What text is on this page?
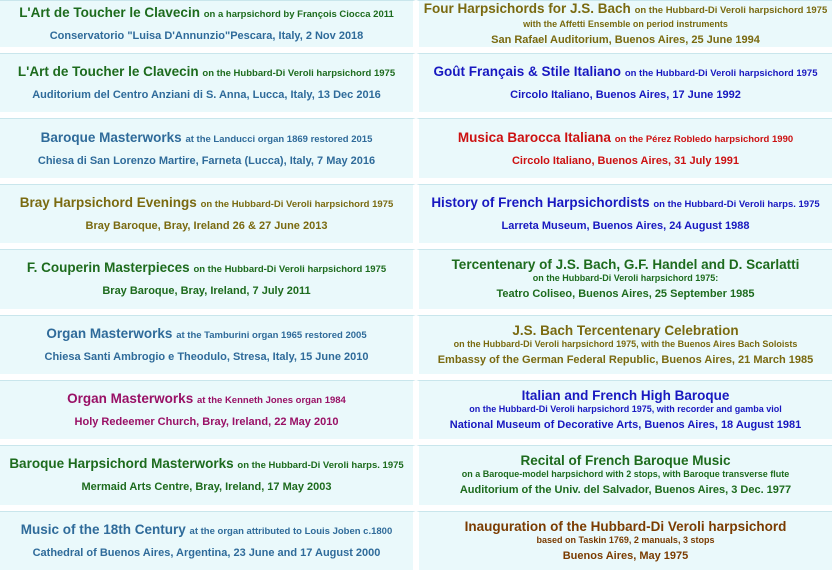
L'Art de Toucher le Clavecin on a harpsichord by François Ciocca 2011
Conservatorio "Luisa D'Annunzio"Pescara, Italy, 2 Nov 2018
Four Harpsichords for J.S. Bach on the Hubbard-Di Veroli harpsichord 1975
with the Affetti Ensemble on period instruments
San Rafael Auditorium, Buenos Aires, 25 June 1994
L'Art de Toucher le Clavecin on the Hubbard-Di Veroli harpsichord 1975
Auditorium del Centro Anziani di S. Anna, Lucca, Italy, 13 Dec 2016
Goût Français & Stile Italiano on the Hubbard-Di Veroli harpsichord 1975
Circolo Italiano, Buenos Aires, 17 June 1992
Baroque Masterworks at the Landucci organ 1869 restored 2015
Chiesa di San Lorenzo Martire, Farneta (Lucca), Italy, 7 May 2016
Musica Barocca Italiana on the Pérez Robledo harpsichord 1990
Circolo Italiano, Buenos Aires, 31 July 1991
Bray Harpsichord Evenings on the Hubbard-Di Veroli harpsichord 1975
Bray Baroque, Bray, Ireland 26 & 27 June 2013
History of French Harpsichordists on the Hubbard-Di Veroli harps. 1975
Larreta Museum, Buenos Aires, 24 August 1988
F. Couperin Masterpieces on the Hubbard-Di Veroli harpsichord 1975
Bray Baroque, Bray, Ireland, 7 July 2011
Tercentenary of J.S. Bach, G.F. Handel and D. Scarlatti
on the Hubbard-Di Veroli harpsichord 1975:
Teatro Coliseo, Buenos Aires, 25 September 1985
Organ Masterworks at the Tamburini organ 1965 restored 2005
Chiesa Santi Ambrogio e Theodulo, Stresa, Italy, 15 June 2010
J.S. Bach Tercentenary Celebration
on the Hubbard-Di Veroli harpsichord 1975, with the Buenos Aires Bach Soloists
Embassy of the German Federal Republic, Buenos Aires, 21 March 1985
Organ Masterworks at the Kenneth Jones organ 1984
Holy Redeemer Church, Bray, Ireland, 22 May 2010
Italian and French High Baroque
on the Hubbard-Di Veroli harpsichord 1975, with recorder and gamba viol
National Museum of Decorative Arts, Buenos Aires, 18 August 1981
Baroque Harpsichord Masterworks on the Hubbard-Di Veroli harps. 1975
Mermaid Arts Centre, Bray, Ireland, 17 May 2003
Recital of French Baroque Music
on a Baroque-model harpsichord with 2 stops, with Baroque transverse flute
Auditorium of the Univ. del Salvador, Buenos Aires, 3 Dec. 1977
Music of the 18th Century at the organ attributed to Louis Joben c.1800
Cathedral of Buenos Aires, Argentina, 23 June and 17 August 2000
Inauguration of the Hubbard-Di Veroli harpsichord
based on Taskin 1769, 2 manuals, 3 stops
Buenos Aires, May 1975
